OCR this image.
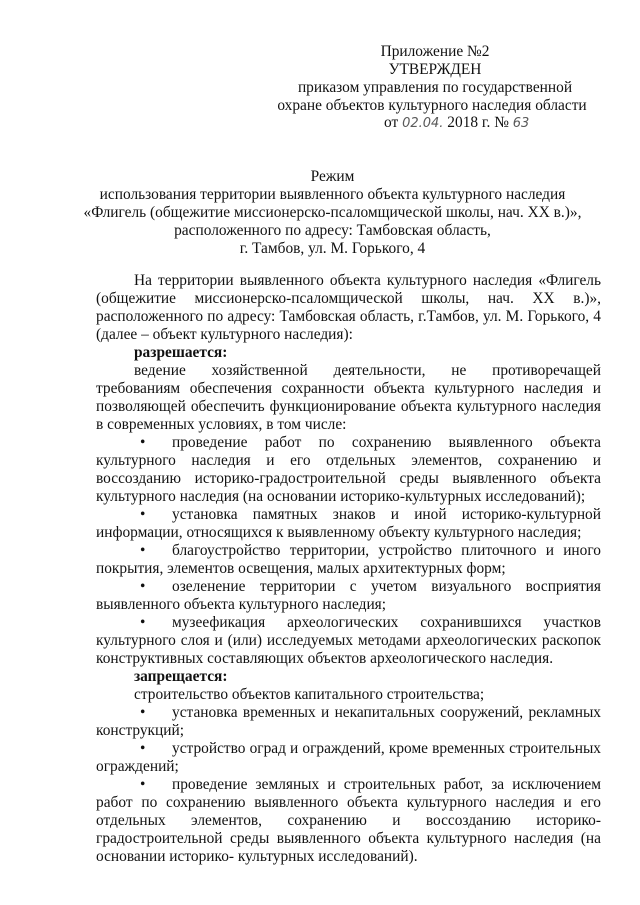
Приложение №2
УТВЕРЖДЕН
приказом управления по государственной
охране объектов культурного наследия области
от 02.04. 2018 г. № 63
Режим
использования территории выявленного объекта культурного наследия
«Флигель (общежитие миссионерско-псаломщической школы, нач. XX в.)»,
расположенного по адресу: Тамбовская область,
г. Тамбов, ул. М. Горького, 4
На территории выявленного объекта культурного наследия «Флигель (общежитие миссионерско-псаломщической школы, нач. XX в.)», расположенного по адресу: Тамбовская область, г.Тамбов, ул. М. Горького, 4 (далее – объект культурного наследия):
разрешается:
ведение хозяйственной деятельности, не противоречащей требованиям обеспечения сохранности объекта культурного наследия и позволяющей обеспечить функционирование объекта культурного наследия в современных условиях, в том числе:
• проведение работ по сохранению выявленного объекта культурного наследия и его отдельных элементов, сохранению и воссозданию историко-градостроительной среды выявленного объекта культурного наследия (на основании историко-культурных исследований);
• установка памятных знаков и иной историко-культурной информации, относящихся к выявленному объекту культурного наследия;
• благоустройство территории, устройство плиточного и иного покрытия, элементов освещения, малых архитектурных форм;
• озеленение территории с учетом визуального восприятия выявленного объекта культурного наследия;
• музеефикация археологических сохранившихся участков культурного слоя и (или) исследуемых методами археологических раскопок конструктивных составляющих объектов археологического наследия.
запрещается:
строительство объектов капитального строительства;
• установка временных и некапитальных сооружений, рекламных конструкций;
• устройство оград и ограждений, кроме временных строительных ограждений;
• проведение земляных и строительных работ, за исключением работ по сохранению выявленного объекта культурного наследия и его отдельных элементов, сохранению и воссозданию историко-градостроительной среды выявленного объекта культурного наследия (на основании историко- культурных исследований).
